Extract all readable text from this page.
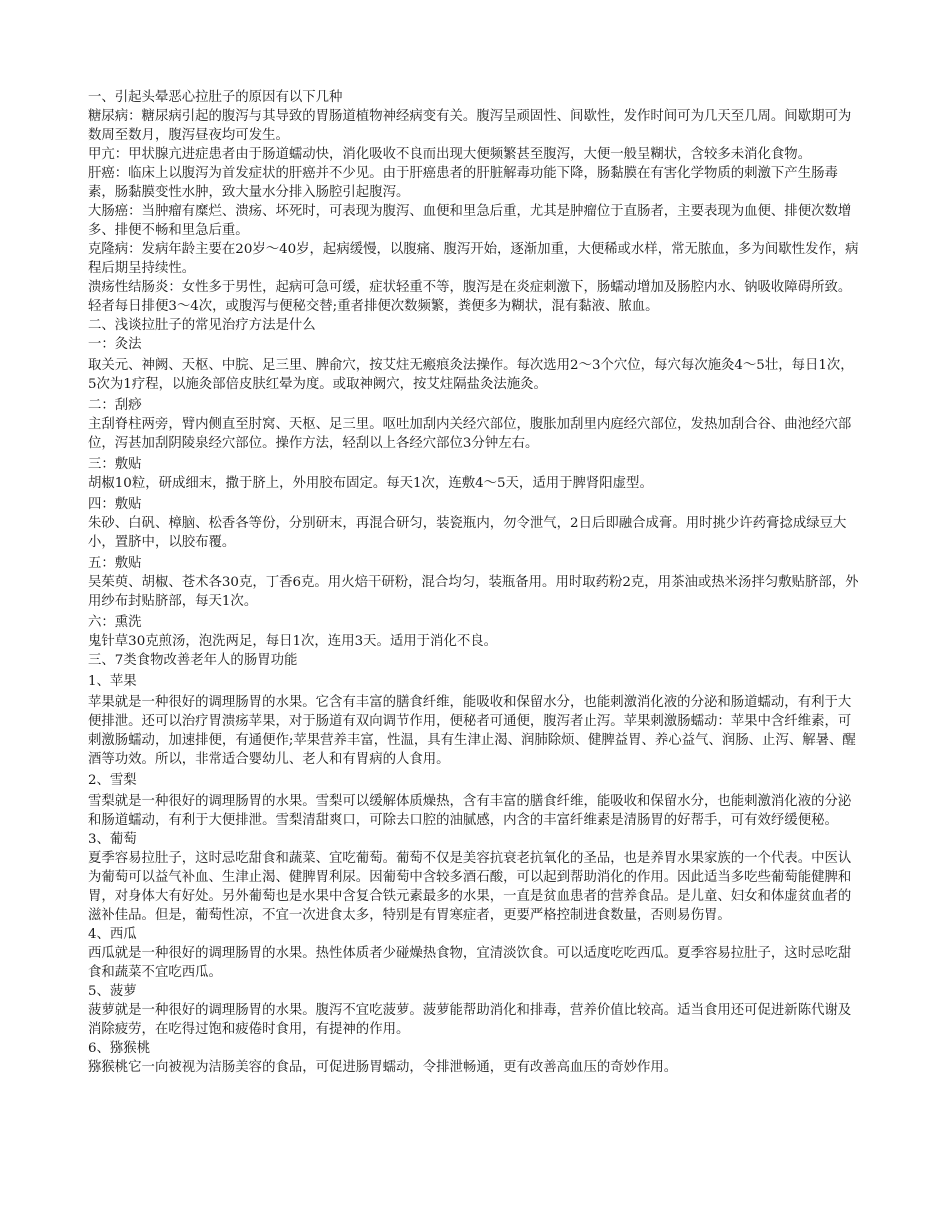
一、引起头晕恶心拉肚子的原因有以下几种

糖尿病：糖尿病引起的腹泻与其导致的胃肠道植物神经病变有关。腹泻呈顽固性、间歇性，发作时间可为几天至几周。间歇期可为数周至数月，腹泻昼夜均可发生。

甲亢：甲状腺亢进症患者由于肠道蠕动快，消化吸收不良而出现大便频繁甚至腹泻，大便一般呈糊状，含较多未消化食物。

肝癌：临床上以腹泻为首发症状的肝癌并不少见。由于肝癌患者的肝脏解毒功能下降，肠黏膜在有害化学物质的刺激下产生肠毒素，肠黏膜变性水肿，致大量水分排入肠腔引起腹泻。

大肠癌：当肿瘤有糜烂、溃疡、坏死时，可表现为腹泻、血便和里急后重，尤其是肿瘤位于直肠者，主要表现为血便、排便次数增多、排便不畅和里急后重。

克隆病：发病年龄主要在20岁～40岁，起病缓慢，以腹痛、腹泻开始，逐渐加重，大便稀或水样，常无脓血，多为间歇性发作，病程后期呈持续性。

溃疡性结肠炎：女性多于男性，起病可急可缓，症状轻重不等，腹泻是在炎症刺激下，肠蠕动增加及肠腔内水、钠吸收障碍所致。轻者每日排便3～4次，或腹泻与便秘交替;重者排便次数频繁，粪便多为糊状，混有黏液、脓血。

二、浅谈拉肚子的常见治疗方法是什么

一：灸法

取关元、神阙、天枢、中脘、足三里、脾俞穴，按艾炷无瘢痕灸法操作。每次选用2～3个穴位，每穴每次施灸4～5壮，每日1次，5次为1疗程，以施灸部倍皮肤红晕为度。或取神阙穴，按艾炷隔盐灸法施灸。

二：刮痧

主刮脊柱两旁，臂内侧直至肘窝、天枢、足三里。呕吐加刮内关经穴部位，腹胀加刮里内庭经穴部位，发热加刮合谷、曲池经穴部位，泻甚加刮阴陵泉经穴部位。操作方法，轻刮以上各经穴部位3分钟左右。

三：敷贴

胡椒10粒，研成细末，撒于脐上，外用胶布固定。每天1次，连敷4～5天，适用于脾肾阳虚型。

四：敷贴

朱砂、白矾、樟脑、松香各等份，分别研末，再混合研匀，装瓷瓶内，勿令泄气，2日后即融合成膏。用时挑少许药膏捻成绿豆大小，置脐中，以胶布覆。

五：敷贴

吴茱萸、胡椒、苍术各30克，丁香6克。用火焙干研粉，混合均匀，装瓶备用。用时取药粉2克，用茶油或热米汤拌匀敷贴脐部，外用纱布封贴脐部，每天1次。

六：熏洗

鬼针草30克煎汤，泡洗两足，每日1次，连用3天。适用于消化不良。

三、7类食物改善老年人的肠胃功能

1、苹果

苹果就是一种很好的调理肠胃的水果。它含有丰富的膳食纤维，能吸收和保留水分，也能刺激消化液的分泌和肠道蠕动，有利于大便排泄。还可以治疗胃溃疡苹果，对于肠道有双向调节作用，便秘者可通便，腹泻者止泻。苹果刺激肠蠕动：苹果中含纤维素，可刺激肠蠕动，加速排便，有通便作;苹果营养丰富，性温，具有生津止渴、润肺除烦、健脾益胃、养心益气、润肠、止泻、解暑、醒酒等功效。所以，非常适合婴幼儿、老人和有胃病的人食用。

2、雪梨

雪梨就是一种很好的调理肠胃的水果。雪梨可以缓解体质燥热，含有丰富的膳食纤维，能吸收和保留水分，也能刺激消化液的分泌和肠道蠕动，有利于大便排泄。雪梨清甜爽口，可除去口腔的油腻感，内含的丰富纤维素是清肠胃的好帮手，可有效纾缓便秘。

3、葡萄

夏季容易拉肚子，这时忌吃甜食和蔬菜、宜吃葡萄。葡萄不仅是美容抗衰老抗氧化的圣品，也是养胃水果家族的一个代表。中医认为葡萄可以益气补血、生津止渴、健脾胃利尿。因葡萄中含较多酒石酸，可以起到帮助消化的作用。因此适当多吃些葡萄能健脾和胃，对身体大有好处。另外葡萄也是水果中含复合铁元素最多的水果，一直是贫血患者的营养食品。是儿童、妇女和体虚贫血者的滋补佳品。但是，葡萄性凉，不宜一次进食太多，特别是有胃寒症者，更要严格控制进食数量，否则易伤胃。

4、西瓜

西瓜就是一种很好的调理肠胃的水果。热性体质者少碰燥热食物，宜清淡饮食。可以适度吃吃西瓜。夏季容易拉肚子，这时忌吃甜食和蔬菜不宜吃西瓜。

5、菠萝

菠萝就是一种很好的调理肠胃的水果。腹泻不宜吃菠萝。菠萝能帮助消化和排毒，营养价值比较高。适当食用还可促进新陈代谢及消除疲劳，在吃得过饱和疲倦时食用，有提神的作用。

6、猕猴桃

猕猴桃它一向被视为洁肠美容的食品，可促进肠胃蠕动，令排泄畅通，更有改善高血压的奇妙作用。
